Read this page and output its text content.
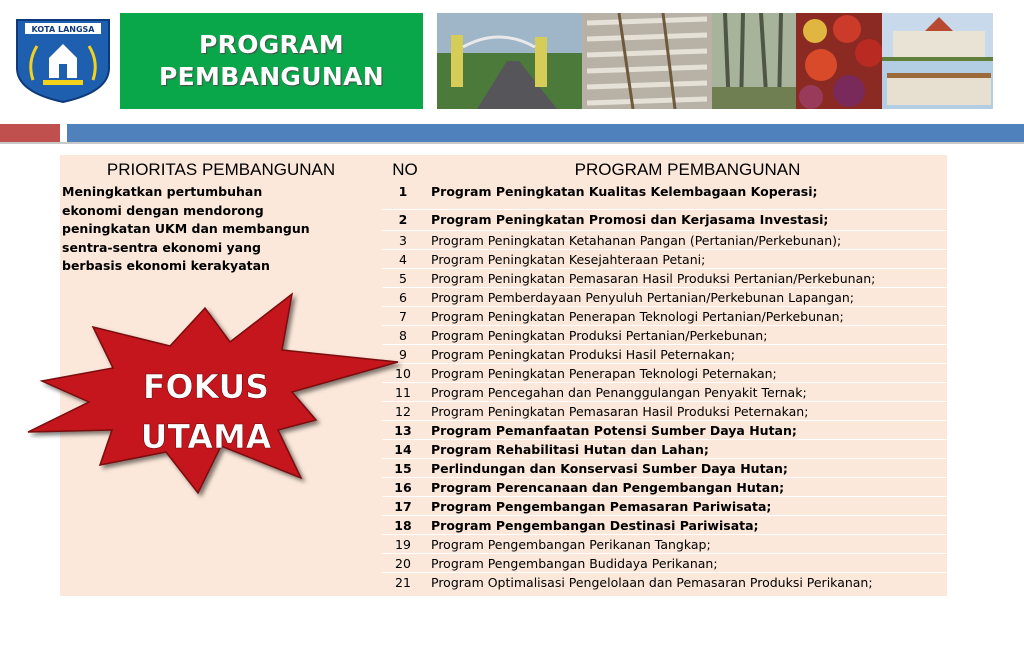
KOTA LANGSA
PROGRAM
PEMBANGUNAN
PRIORITAS PEMBANGUNAN	NO	PROGRAM PEMBANGUNAN
Meningkatkan pertumbuhan
ekonomi dengan mendorong
peningkatan UKM dan membangun
sentra-sentra ekonomi yang
berbasis ekonomi kerakyatan
1	Program Peningkatan Kualitas Kelembagaan Koperasi;
2	Program Peningkatan Promosi dan Kerjasama Investasi;
3	Program Peningkatan Ketahanan Pangan (Pertanian/Perkebunan);
4	Program Peningkatan Kesejahteraan Petani;
5	Program Peningkatan Pemasaran Hasil Produksi Pertanian/Perkebunan;
6	Program Pemberdayaan Penyuluh Pertanian/Perkebunan Lapangan;
7	Program Peningkatan Penerapan Teknologi Pertanian/Perkebunan;
8	Program Peningkatan Produksi Pertanian/Perkebunan;
9	Program Peningkatan Produksi Hasil Peternakan;
10	Program Peningkatan Penerapan Teknologi Peternakan;
11	Program Pencegahan dan Penanggulangan Penyakit Ternak;
12	Program Peningkatan Pemasaran Hasil Produksi Peternakan;
13	Program Pemanfaatan Potensi Sumber Daya Hutan;
14	Program Rehabilitasi Hutan dan Lahan;
15	Perlindungan dan Konservasi Sumber Daya Hutan;
16	Program Perencanaan dan Pengembangan Hutan;
17	Program Pengembangan Pemasaran Pariwisata;
18	Program Pengembangan Destinasi Pariwisata;
19	Program Pengembangan Perikanan Tangkap;
20	Program Pengembangan Budidaya Perikanan;
21	Program Optimalisasi Pengelolaan dan Pemasaran Produksi Perikanan;
FOKUS
UTAMA
